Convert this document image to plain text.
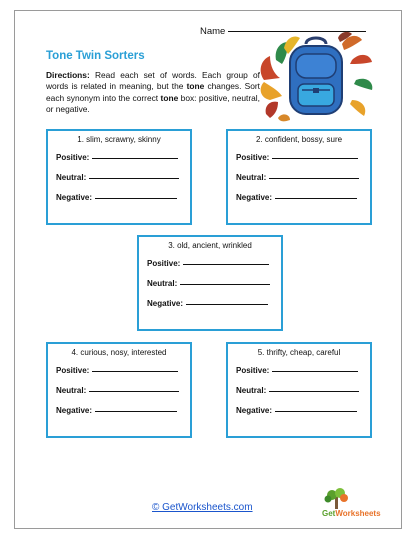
Name
Tone Twin Sorters
Directions: Read each set of words. Each group of words is related in meaning, but the tone changes. Sort each synonym into the correct tone box: positive, neutral, or negative.
1. slim, scrawny, skinny
Positive:
Neutral:
Negative:
2. confident, bossy, sure
Positive:
Neutral:
Negative:
3. old, ancient, wrinkled
Positive:
Neutral:
Negative:
4. curious, nosy, interested
Positive:
Neutral:
Negative:
5. thrifty, cheap, careful
Positive:
Neutral:
Negative:
© GetWorksheets.com
GetWorksheets
